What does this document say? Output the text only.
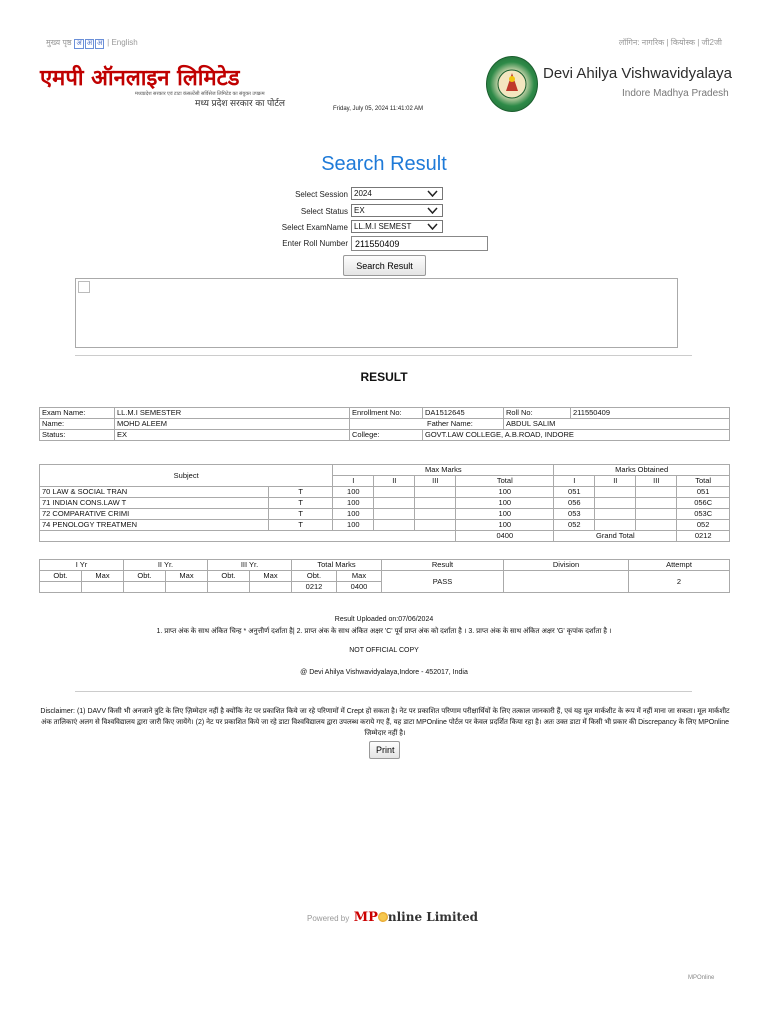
मुख्य पृष्ठ अ अ अ | English	लॉगिन: नागरिक | कियोस्क | जी2जी
एमपी ऑनलाइन लिमिटेड
मध्यप्रदेश सरकार एवं टाटा कंसल्टेंसी सर्विसेज लिमिटेड का संयुक्त उपक्रम
मध्य प्रदेश सरकार का पोर्टल
Devi Ahilya Vishwavidyalaya
Indore Madhya Pradesh
Friday, July 05, 2024 11:41:02 AM
Search Result
Select Session 2024
Select Status EX
Select ExamName LL.M.I SEMEST
Enter Roll Number
211550409
Search Result
RESULT
Exam Name:	LL.M.I SEMESTER	Enrollment No:	DA1512645	Roll No:	211550409
Name:	MOHD ALEEM	Father Name:		ABDUL SALIM	
Status:	EX	College:	GOVT.LAW COLLEGE, A.B.ROAD, INDORE		
Subject		Max Marks				Marks Obtained			
		I	II	III	Total	I	II	III	Total
70 LAW & SOCIAL TRAN	T	100			100	051			051
71 INDIAN CONS.LAW T	T	100			100	056			056C
72 COMPARATIVE CRIMI	T	100			100	053			053C
74 PENOLOGY TREATMEN	T	100			100	052			052
					0400	Grand Total			0212
I Yr		II Yr.		III Yr.		Total Marks		Result	Division	Attempt
Obt.	Max	Obt.	Max	Obt.	Max	Obt.	Max	PASS		2
						0212	0400			
Result Uploaded on:07/06/2024
1. प्राप्त अंक के साथ अंकित चिन्ह * अनुत्तीर्ण दर्शाता है| 2. प्राप्त अंक के साथ अंकित अक्षर 'C' पूर्व प्राप्त अंक को दर्शाता है । 3. प्राप्त अंक के साथ अंकित अक्षर 'G' कृपांक दर्शाता है ।
NOT OFFICIAL COPY
@ Devi Ahilya Vishwavidyalaya,Indore - 452017, India
Disclaimer: (1) DAVV किसी भी अनजाने त्रुटि के लिए ज़िम्मेदार नहीं है क्योंकि नेट पर प्रकाशित किये जा रहे परिणामों में Crept हो सकता है। नेट पर प्रकाशित परिणाम परीक्षार्थियों के लिए तत्काल जानकारी हैं, एवं यह मूल मार्कशीट के रूप में नहीं माना जा सकता। मूल मार्कशीट अंक तालिकाएं अलग से विश्वविद्यालय द्वारा जारी किए जायेंगे। (2) नेट पर प्रकाशित किये जा रहे डाटा विश्वविद्यालय द्वारा उपलब्ध कराये गए हैं, यह डाटा MPOnline पोर्टल पर केवल प्रदर्शित किया रहा है। अतः उक्त डाटा में किसी भी प्रकार की Discrepancy के लिए MPOnline जिम्मेदार नहीं है।
Print
Powered by MP nline Limited
MPOnline
